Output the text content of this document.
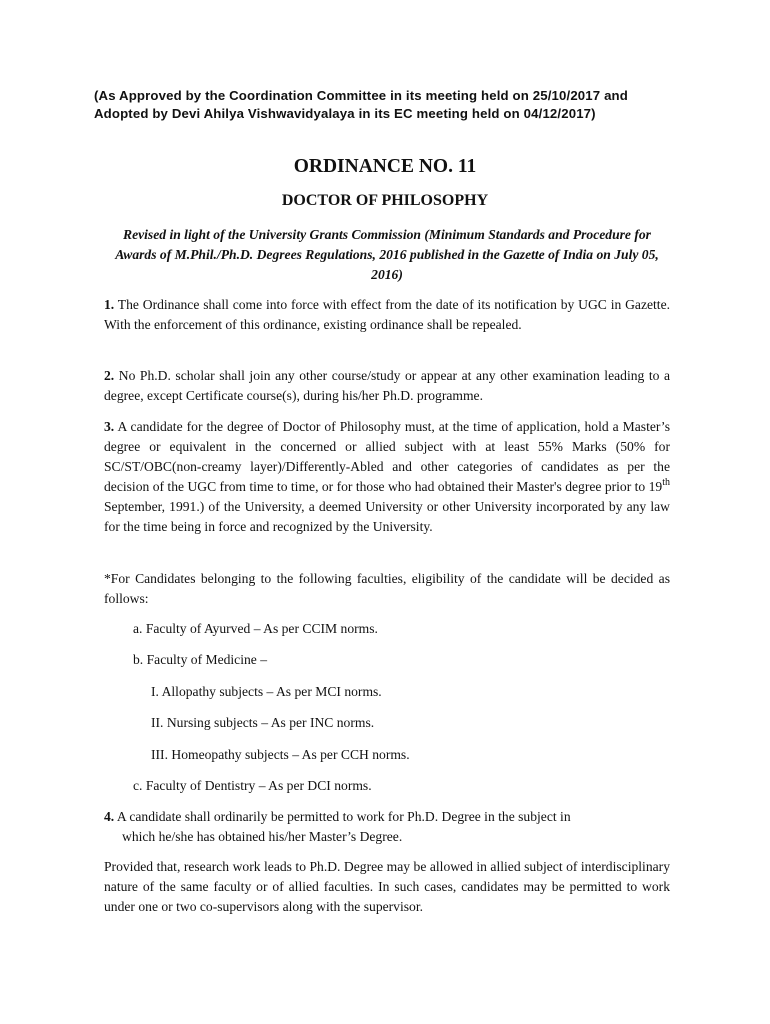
(As Approved by the Coordination Committee in its meeting held on 25/10/2017 and Adopted by Devi Ahilya Vishwavidyalaya in its EC meeting held on 04/12/2017)
ORDINANCE NO. 11
DOCTOR OF PHILOSOPHY
Revised in light of the University Grants Commission (Minimum Standards and Procedure for Awards of M.Phil./Ph.D. Degrees Regulations, 2016 published in the Gazette of India on July 05, 2016)
1. The Ordinance shall come into force with effect from the date of its notification by UGC in Gazette. With the enforcement of this ordinance, existing ordinance shall be repealed.
2. No Ph.D. scholar shall join any other course/study or appear at any other examination leading to a degree, except Certificate course(s), during his/her Ph.D. programme.
3. A candidate for the degree of Doctor of Philosophy must, at the time of application, hold a Master’s degree or equivalent in the concerned or allied subject with at least 55% Marks (50% for SC/ST/OBC(non-creamy layer)/Differently-Abled and other categories of candidates as per the decision of the UGC from time to time, or for those who had obtained their Master's degree prior to 19th September, 1991.) of the University, a deemed University or other University incorporated by any law for the time being in force and recognized by the University.
*For Candidates belonging to the following faculties, eligibility of the candidate will be decided as follows:
a. Faculty of Ayurved – As per CCIM norms.
b. Faculty of Medicine –
I. Allopathy subjects – As per MCI norms.
II. Nursing subjects – As per INC norms.
III. Homeopathy subjects – As per CCH norms.
c. Faculty of Dentistry – As per DCI norms.
4. A candidate shall ordinarily be permitted to work for Ph.D. Degree in the subject in
which he/she has obtained his/her Master’s Degree.
Provided that, research work leads to Ph.D. Degree may be allowed in allied subject of interdisciplinary nature of the same faculty or of allied faculties. In such cases, candidates may be permitted to work under one or two co-supervisors along with the supervisor.
